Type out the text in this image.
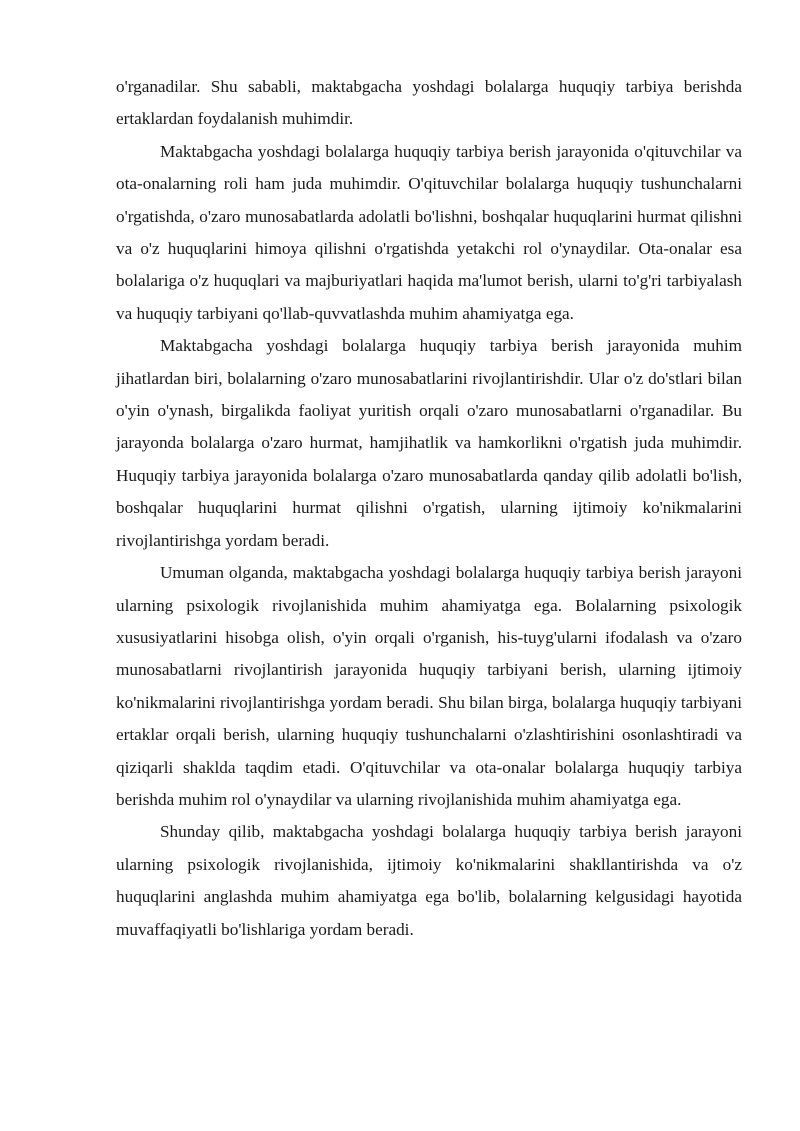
o'rganadilar. Shu sababli, maktabgacha yoshdagi bolalarga huquqiy tarbiya berishda ertaklardan foydalanish muhimdir.

Maktabgacha yoshdagi bolalarga huquqiy tarbiya berish jarayonida o'qituvchilar va ota-onalarning roli ham juda muhimdir. O'qituvchilar bolalarga huquqiy tushunchalarni o'rgatishda, o'zaro munosabatlarda adolatli bo'lishni, boshqalar huquqlarini hurmat qilishni va o'z huquqlarini himoya qilishni o'rgatishda yetakchi rol o'ynaydilar. Ota-onalar esa bolalariga o'z huquqlari va majburiyatlari haqida ma'lumot berish, ularni to'g'ri tarbiyalash va huquqiy tarbiyani qo'llab-quvvatlashda muhim ahamiyatga ega.

Maktabgacha yoshdagi bolalarga huquqiy tarbiya berish jarayonida muhim jihatlardan biri, bolalarning o'zaro munosabatlarini rivojlantirishdir. Ular o'z do'stlari bilan o'yin o'ynash, birgalikda faoliyat yuritish orqali o'zaro munosabatlarni o'rganadilar. Bu jarayonda bolalarga o'zaro hurmat, hamjihatlik va hamkorlikni o'rgatish juda muhimdir. Huquqiy tarbiya jarayonida bolalarga o'zaro munosabatlarda qanday qilib adolatli bo'lish, boshqalar huquqlarini hurmat qilishni o'rgatish, ularning ijtimoiy ko'nikmalarini rivojlantirishga yordam beradi.

Umuman olganda, maktabgacha yoshdagi bolalarga huquqiy tarbiya berish jarayoni ularning psixologik rivojlanishida muhim ahamiyatga ega. Bolalarning psixologik xususiyatlarini hisobga olish, o'yin orqali o'rganish, his-tuyg'ularni ifodalash va o'zaro munosabatlarni rivojlantirish jarayonida huquqiy tarbiyani berish, ularning ijtimoiy ko'nikmalarini rivojlantirishga yordam beradi. Shu bilan birga, bolalarga huquqiy tarbiyani ertaklar orqali berish, ularning huquqiy tushunchalarni o'zlashtirishini osonlashtiradi va qiziqarli shaklda taqdim etadi. O'qituvchilar va ota-onalar bolalarga huquqiy tarbiya berishda muhim rol o'ynaydilar va ularning rivojlanishida muhim ahamiyatga ega.

Shunday qilib, maktabgacha yoshdagi bolalarga huquqiy tarbiya berish jarayoni ularning psixologik rivojlanishida, ijtimoiy ko'nikmalarini shakllantirishda va o'z huquqlarini anglashda muhim ahamiyatga ega bo'lib, bolalarning kelgusidagi hayotida muvaffaqiyatli bo'lishlariga yordam beradi.
